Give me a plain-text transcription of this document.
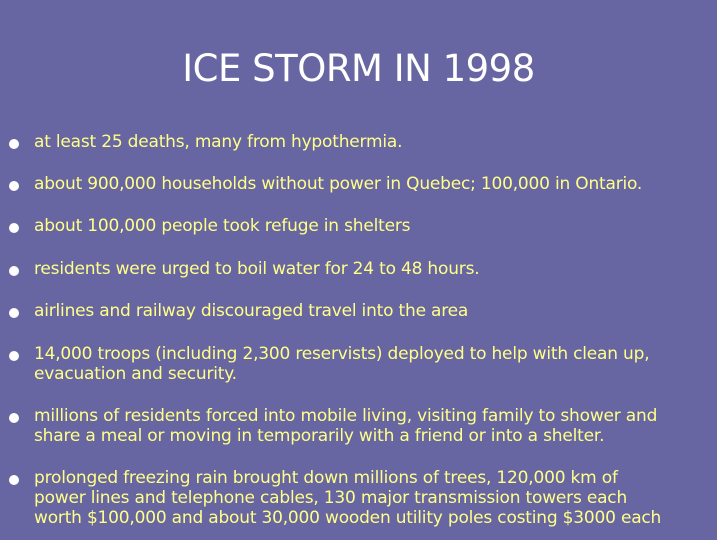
ICE STORM IN 1998
at least 25 deaths, many from hypothermia.
about 900,000 households without power in Quebec; 100,000 in Ontario.
about 100,000 people took refuge in shelters
residents were urged to boil water for 24 to 48 hours.
airlines and railway discouraged travel into the area
14,000 troops (including 2,300 reservists) deployed to help with clean up,
evacuation and security.
millions of residents forced into mobile living, visiting family to shower and
share a meal or moving in temporarily with a friend or into a shelter.
prolonged freezing rain brought down millions of trees, 120,000 km of
power lines and telephone cables, 130 major transmission towers each
worth $100,000 and about 30,000 wooden utility poles costing $3000 each
